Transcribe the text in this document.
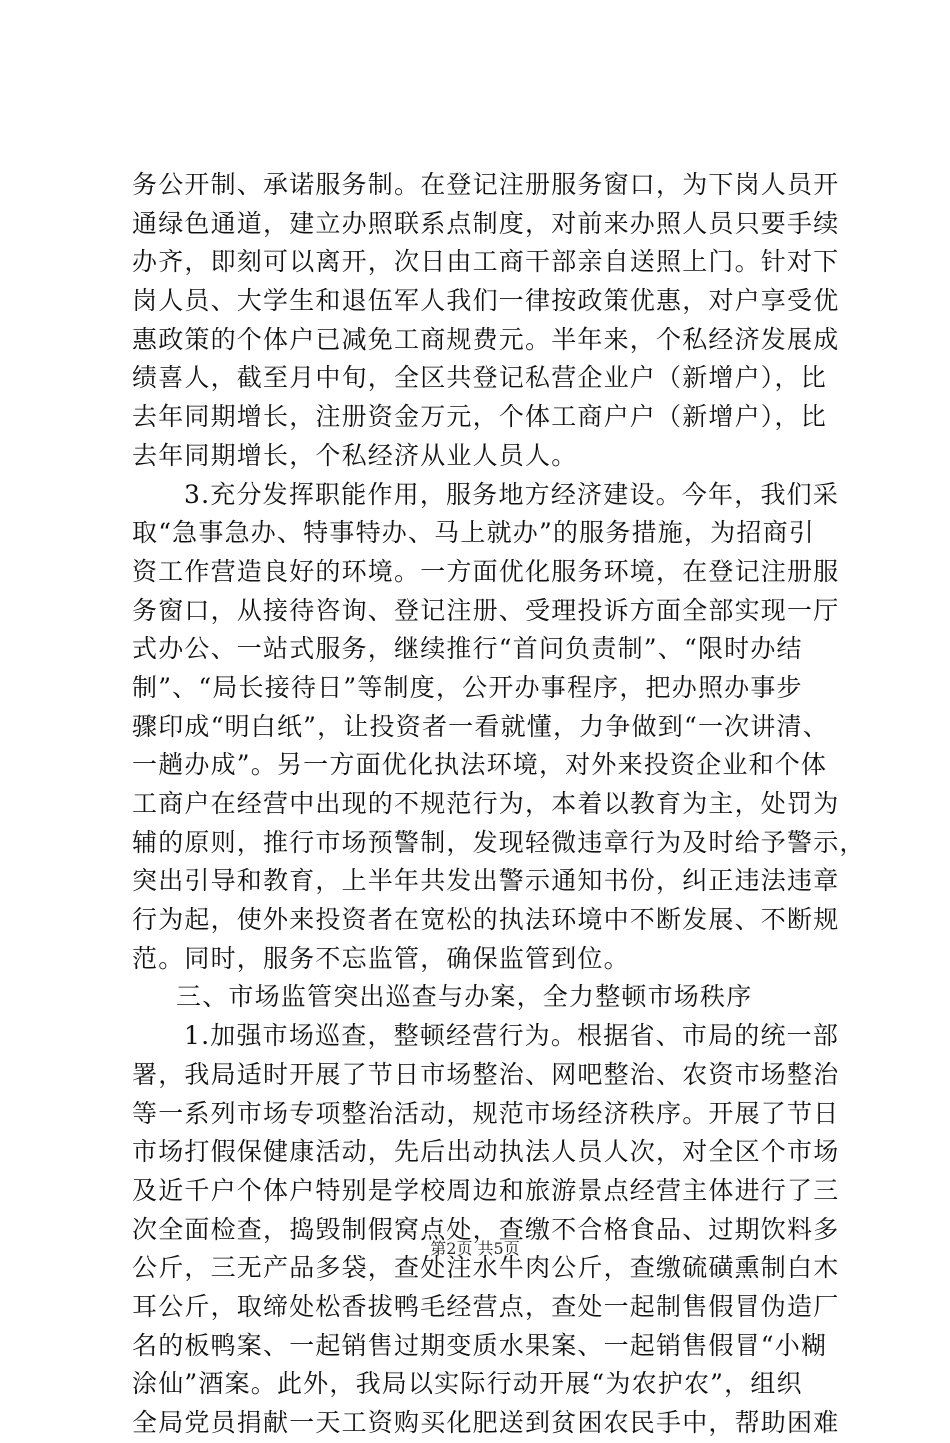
务公开制、承诺服务制。在登记注册服务窗口，为下岗人员开
通绿色通道，建立办照联系点制度，对前来办照人员只要手续
办齐，即刻可以离开，次日由工商干部亲自送照上门。针对下
岗人员、大学生和退伍军人我们一律按政策优惠，对户享受优
惠政策的个体户已减免工商规费元。半年来，个私经济发展成
绩喜人，截至月中旬，全区共登记私营企业户（新增户），比
去年同期增长，注册资金万元，个体工商户户（新增户），比
去年同期增长，个私经济从业人员人。
3.充分发挥职能作用，服务地方经济建设。今年，我们采
取“急事急办、特事特办、马上就办”的服务措施，为招商引
资工作营造良好的环境。一方面优化服务环境，在登记注册服
务窗口，从接待咨询、登记注册、受理投诉方面全部实现一厅
式办公、一站式服务，继续推行“首问负责制”、“限时办结
制”、“局长接待日”等制度，公开办事程序，把办照办事步
骤印成“明白纸”，让投资者一看就懂，力争做到“一次讲清、
一趟办成”。另一方面优化执法环境，对外来投资企业和个体
工商户在经营中出现的不规范行为，本着以教育为主，处罚为
辅的原则，推行市场预警制，发现轻微违章行为及时给予警示，
突出引导和教育，上半年共发出警示通知书份，纠正违法违章
行为起，使外来投资者在宽松的执法环境中不断发展、不断规
范。同时，服务不忘监管，确保监管到位。
三、市场监管突出巡查与办案，全力整顿市场秩序
1.加强市场巡查，整顿经营行为。根据省、市局的统一部
署，我局适时开展了节日市场整治、网吧整治、农资市场整治
等一系列市场专项整治活动，规范市场经济秩序。开展了节日
市场打假保健康活动，先后出动执法人员人次，对全区个市场
及近千户个体户特别是学校周边和旅游景点经营主体进行了三
次全面检查，捣毁制假窝点处，查缴不合格食品、过期饮料多
公斤，三无产品多袋，查处注水牛肉公斤，查缴硫磺熏制白木
耳公斤，取缔处松香拔鸭毛经营点，查处一起制售假冒伪造厂
名的板鸭案、一起销售过期变质水果案、一起销售假冒“小糊
涂仙”酒案。此外，我局以实际行动开展“为农护农”，组织
全局党员捐献一天工资购买化肥送到贫困农民手中，帮助困难
第2页 共5页
